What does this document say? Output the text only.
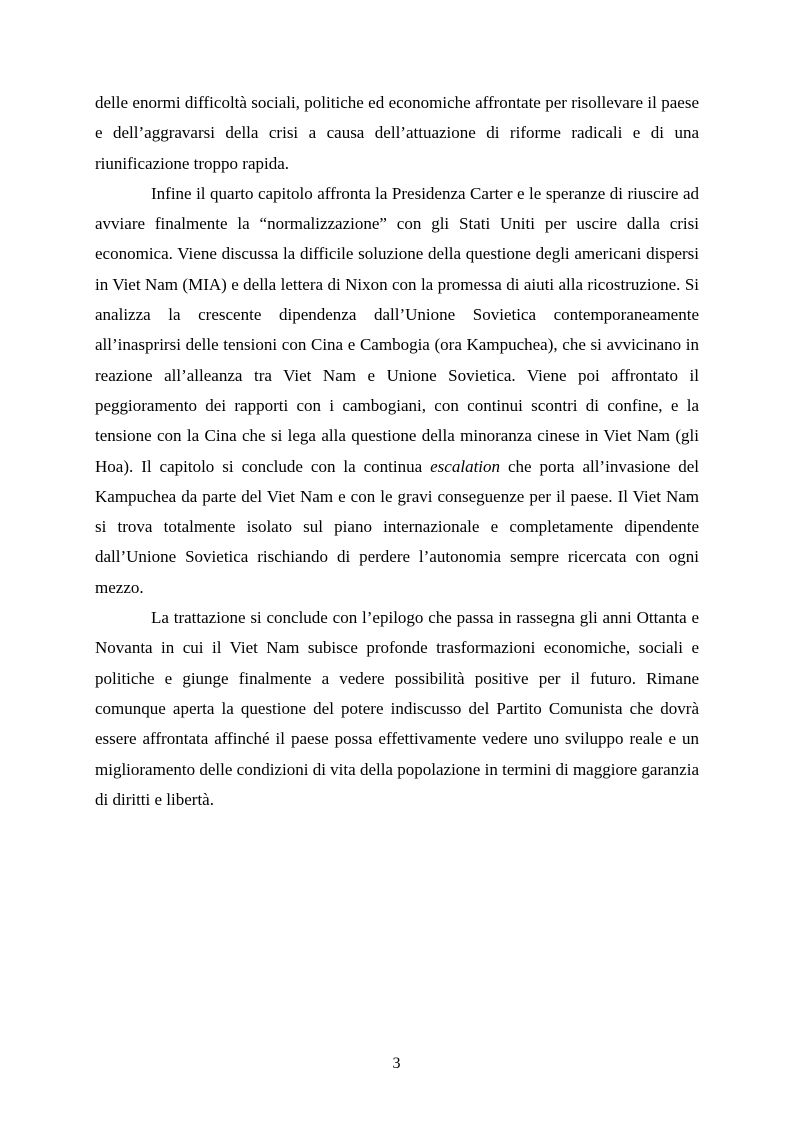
delle enormi difficoltà sociali, politiche ed economiche affrontate per risollevare il paese e dell’aggravarsi della crisi a causa dell’attuazione di riforme radicali e di una riunificazione troppo rapida.

Infine il quarto capitolo affronta la Presidenza Carter e le speranze di riuscire ad avviare finalmente la “normalizzazione” con gli Stati Uniti per uscire dalla crisi economica. Viene discussa la difficile soluzione della questione degli americani dispersi in Viet Nam (MIA) e della lettera di Nixon con la promessa di aiuti alla ricostruzione. Si analizza la crescente dipendenza dall’Unione Sovietica contemporaneamente all’inasprirsi delle tensioni con Cina e Cambogia (ora Kampuchea), che si avvicinano in reazione all’alleanza tra Viet Nam e Unione Sovietica. Viene poi affrontato il peggioramento dei rapporti con i cambogiani, con continui scontri di confine, e la tensione con la Cina che si lega alla questione della minoranza cinese in Viet Nam (gli Hoa). Il capitolo si conclude con la continua escalation che porta all’invasione del Kampuchea da parte del Viet Nam e con le gravi conseguenze per il paese. Il Viet Nam si trova totalmente isolato sul piano internazionale e completamente dipendente dall’Unione Sovietica rischiando di perdere l’autonomia sempre ricercata con ogni mezzo.

La trattazione si conclude con l’epilogo che passa in rassegna gli anni Ottanta e Novanta in cui il Viet Nam subisce profonde trasformazioni economiche, sociali e politiche e giunge finalmente a vedere possibilità positive per il futuro. Rimane comunque aperta la questione del potere indiscusso del Partito Comunista che dovrà essere affrontata affinché il paese possa effettivamente vedere uno sviluppo reale e un miglioramento delle condizioni di vita della popolazione in termini di maggiore garanzia di diritti e libertà.

3
